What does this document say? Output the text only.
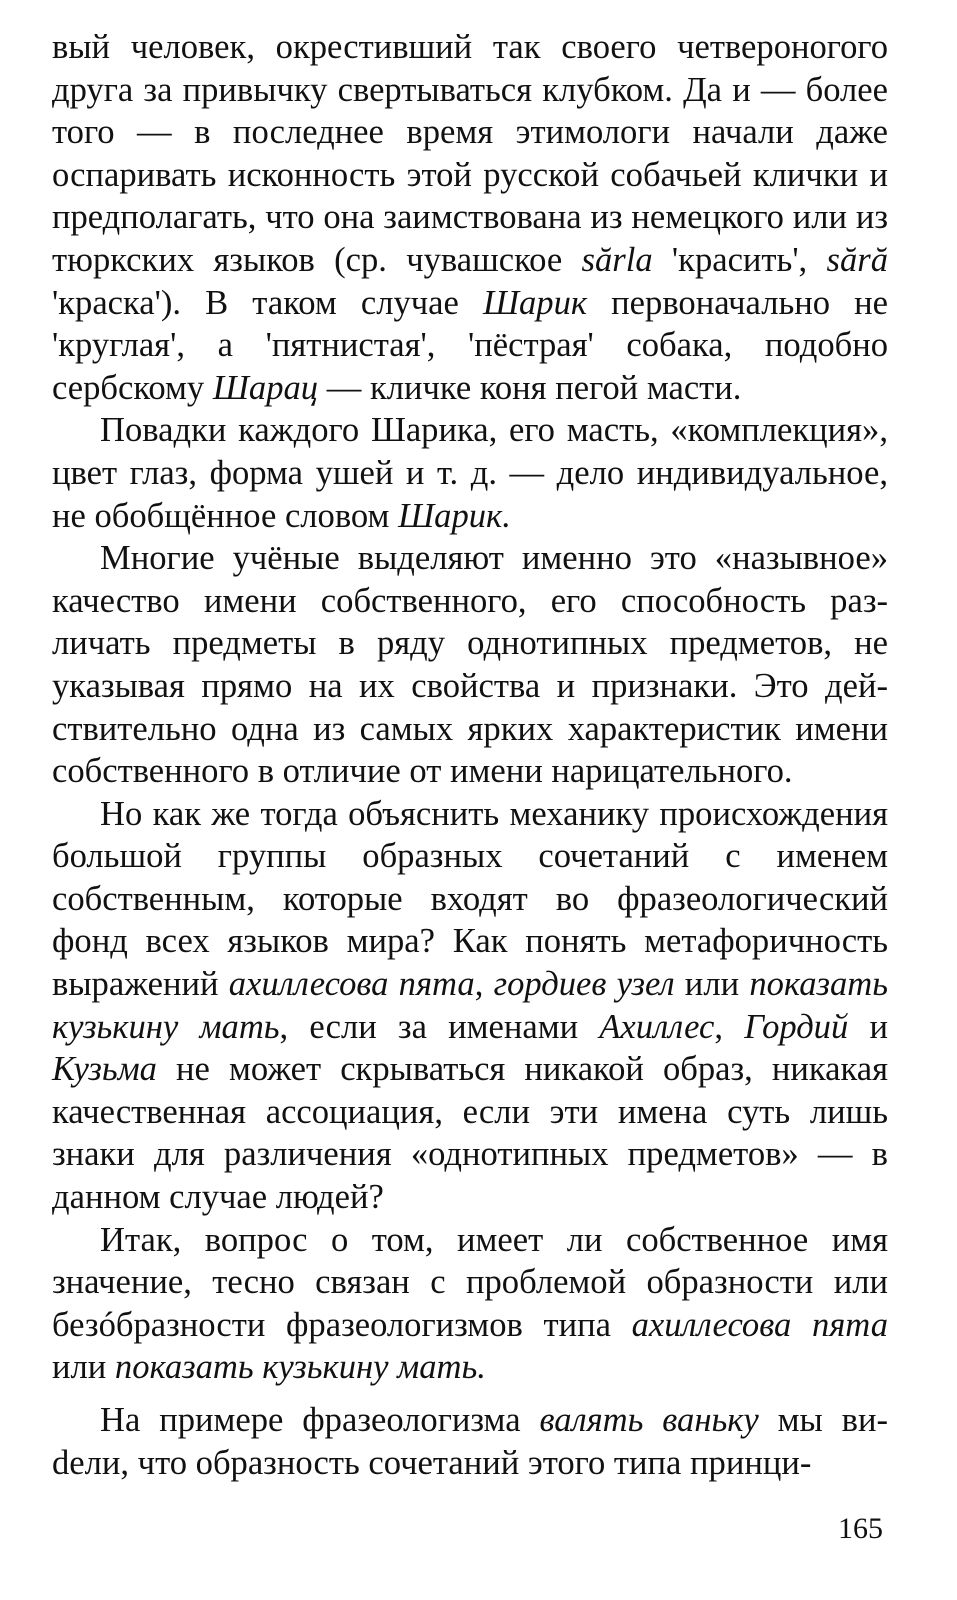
вый человек, окрестивший так своего четвероногого друга за привычку свертываться клубком. Да и — более того — в последнее время этимологи начали даже оспаривать исконность этой русской собачьей клички и предполагать, что она заимствована из немецкого или из тюркских языков (ср. чувашское sărla 'красить', sără 'краска'). В таком случае Шарик первоначально не 'круглая', а 'пятнистая', 'пёстрая' собака, подобно сербскому Шарац — кличке коня пегой масти.

Повадки каждого Шарика, его масть, «комплекция», цвет глаз, форма ушей и т. д. — дело индивидуальное, не обобщённое словом Шарик.

Многие учёные выделяют именно это «назывное» качество имени собственного, его способность различать предметы в ряду однотипных предметов, не указывая прямо на их свойства и признаки. Это действительно одна из самых ярких характеристик имени собственного в отличие от имени нарицательного.

Но как же тогда объяснить механику происхождения большой группы образных сочетаний с именем собственным, которые входят во фразеологический фонд всех языков мира? Как понять метафоричность выражений ахиллесова пята, гордиев узел или показать кузькину мать, если за именами Ахиллес, Гордий и Кузьма не может скрываться никакой образ, никакая качественная ассоциация, если эти имена суть лишь знаки для различения «однотипных предметов» — в данном случае людей?

Итак, вопрос о том, имеет ли собственное имя значение, тесно связан с проблемой образности или безóбразности фразеологизмов типа ахиллесова пята или показать кузькину мать.

На примере фразеологизма валять ваньку мы виdели, что образность сочетаний этого типа принци-

165
